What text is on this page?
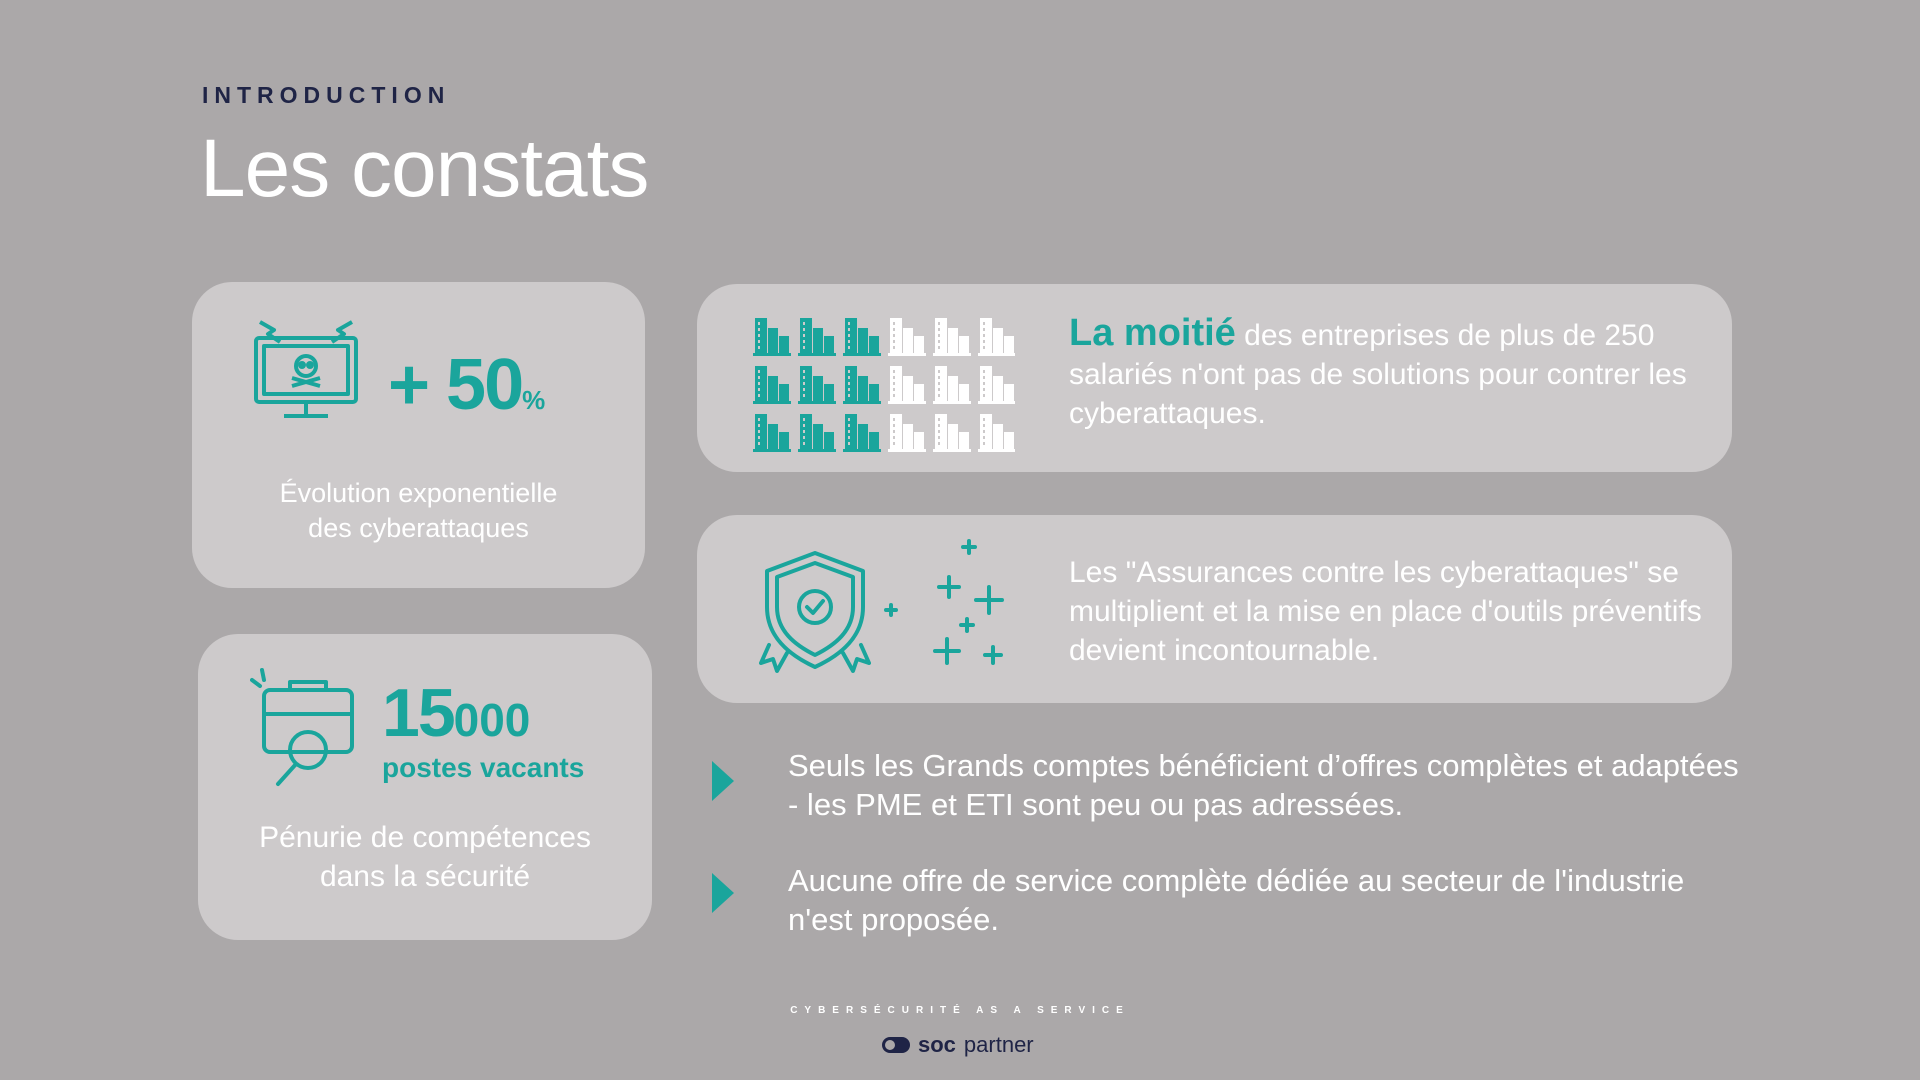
INTRODUCTION
Les constats
+ 50%
Évolution exponentielle
des cyberattaques
15000
postes vacants
Pénurie de compétences
dans la sécurité
La moitié des entreprises de plus de 250 salariés n'ont pas de solutions pour contrer les cyberattaques.
Les "Assurances contre les cyberattaques" se multiplient et la mise en place d'outils préventifs devient incontournable.
Seuls les Grands comptes bénéficient d’offres complètes et adaptées - les PME et ETI sont peu ou pas adressées.
Aucune offre de service complète dédiée au secteur de l'industrie n'est proposée.
CYBERSÉCURITÉ AS A SERVICE
soc partner
